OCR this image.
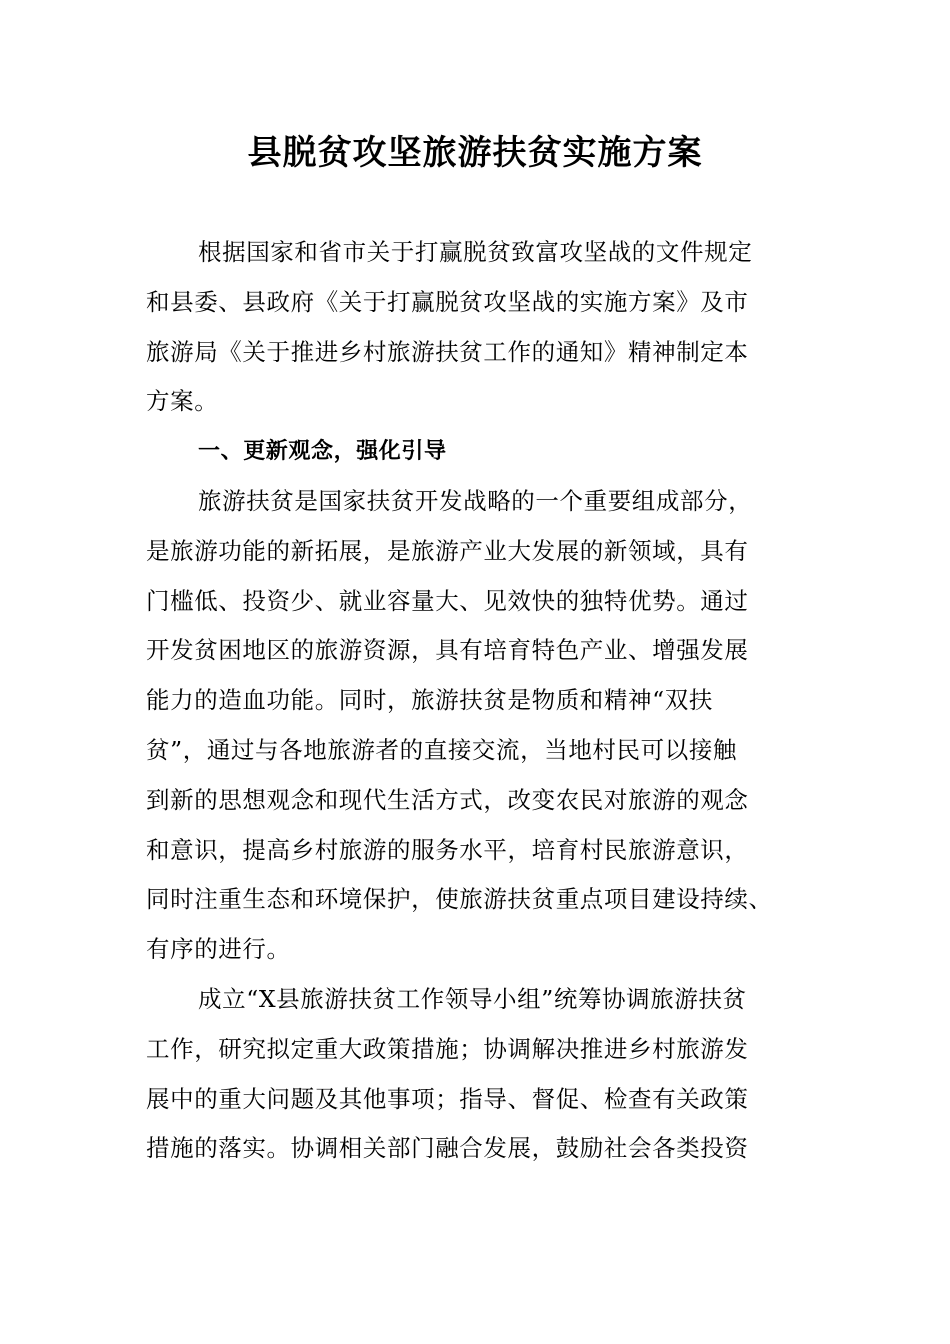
县脱贫攻坚旅游扶贫实施方案
根据国家和省市关于打赢脱贫致富攻坚战的文件规定
和县委、县政府《关于打赢脱贫攻坚战的实施方案》及市
旅游局《关于推进乡村旅游扶贫工作的通知》精神制定本
方案。
一、更新观念，强化引导
旅游扶贫是国家扶贫开发战略的一个重要组成部分，
是旅游功能的新拓展，是旅游产业大发展的新领域，具有
门槛低、投资少、就业容量大、见效快的独特优势。通过
开发贫困地区的旅游资源，具有培育特色产业、增强发展
能力的造血功能。同时，旅游扶贫是物质和精神“双扶
贫”，通过与各地旅游者的直接交流，当地村民可以接触
到新的思想观念和现代生活方式，改变农民对旅游的观念
和意识，提高乡村旅游的服务水平，培育村民旅游意识，
同时注重生态和环境保护，使旅游扶贫重点项目建设持续、
有序的进行。
成立“X县旅游扶贫工作领导小组”统筹协调旅游扶贫
工作，研究拟定重大政策措施；协调解决推进乡村旅游发
展中的重大问题及其他事项；指导、督促、检查有关政策
措施的落实。协调相关部门融合发展，鼓励社会各类投资
